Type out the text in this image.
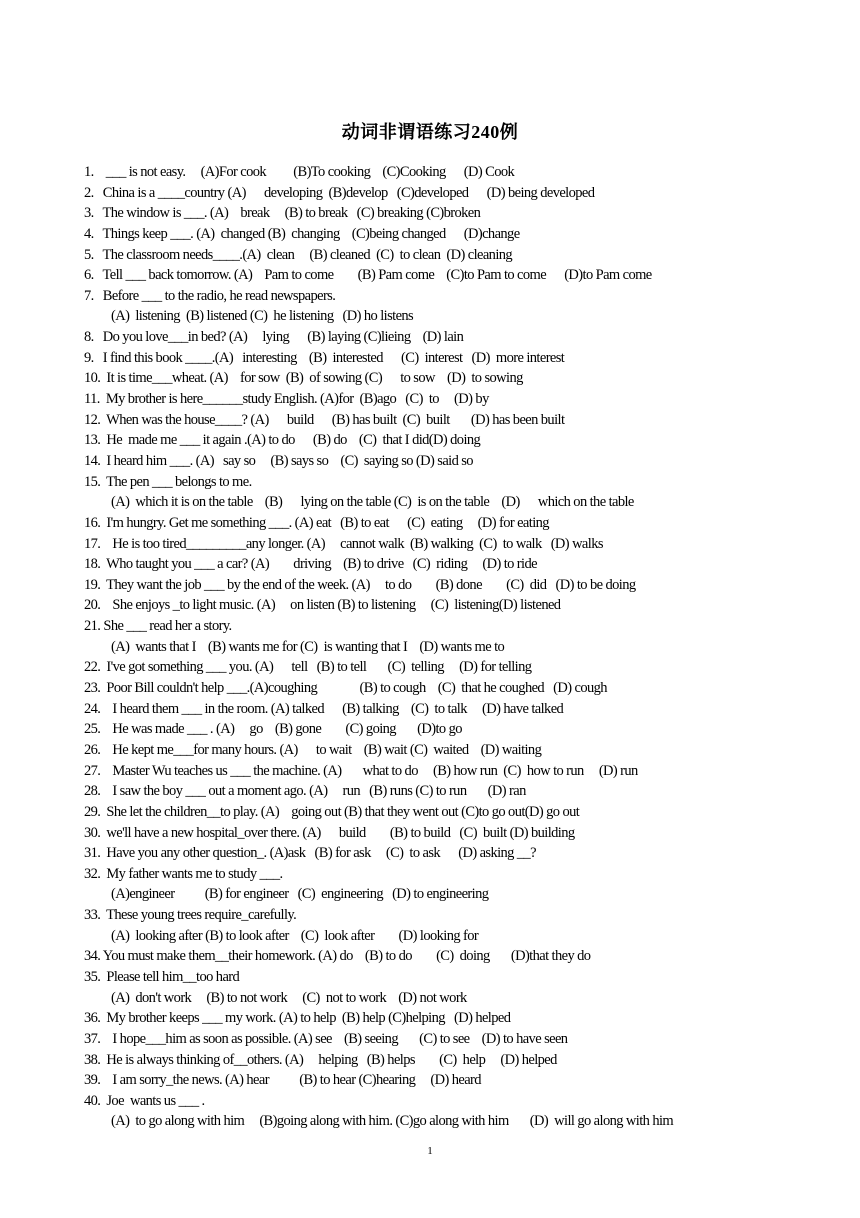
动词非谓语练习240例
1.    ___ is not easy.     (A)For cook         (B)To cooking    (C)Cooking      (D) Cook
2.   China is a ____country (A)      developing  (B)develop   (C)developed      (D) being developed
3.   The window is ___. (A)    break     (B) to break   (C) breaking (C)broken
4.   Things keep ___. (A)  changed (B)  changing    (C)being changed      (D)change
5.   The classroom needs____.(A)  clean     (B) cleaned  (C)  to clean  (D) cleaning
6.   Tell ___ back tomorrow. (A)    Pam to come        (B) Pam come    (C)to Pam to come      (D)to Pam come
7.   Before ___ to the radio, he read newspapers.
(A)  listening  (B) listened (C)  he listening   (D) ho listens
8.   Do you love___in bed? (A)     lying      (B) laying (C)lieing    (D) lain
9.   I find this book ____.(A)   interesting    (B)  interested      (C)  interest   (D)  more interest
10.  It is time___wheat. (A)    for sow  (B)  of sowing (C)      to sow    (D)  to sowing
11.  My brother is here______study English. (A)for  (B)ago   (C)  to     (D) by
12.  When was the house____? (A)      build      (B) has built  (C)  built       (D) has been built
13.  He  made me ___ it again .(A) to do      (B) do    (C)  that I did(D) doing
14.  I heard him ___. (A)   say so     (B) says so    (C)  saying so (D) said so
15.  The pen ___ belongs to me.
(A)  which it is on the table    (B)      lying on the table (C)  is on the table    (D)      which on the table
16.  I'm hungry. Get me something ___. (A) eat   (B) to eat      (C)  eating     (D) for eating
17.    He is too tired_________any longer. (A)     cannot walk  (B) walking  (C)  to walk   (D) walks
18.  Who taught you ___ a car? (A)        driving    (B) to drive   (C)  riding     (D) to ride
19.  They want the job ___ by the end of the week. (A)     to do        (B) done        (C)  did   (D) to be doing
20.    She enjoys _to light music. (A)     on listen (B) to listening     (C)  listening(D) listened
21. She ___ read her a story.
(A)  wants that I    (B) wants me for (C)  is wanting that I    (D) wants me to
22.  I've got something ___ you. (A)      tell   (B) to tell       (C)  telling     (D) for telling
23.  Poor Bill couldn't help ___.(A)coughing              (B) to cough    (C)  that he coughed   (D) cough
24.    I heard them ___ in the room. (A) talked      (B) talking    (C)  to talk     (D) have talked
25.    He was made ___ . (A)     go    (B) gone        (C) going       (D)to go
26.    He kept me___for many hours. (A)      to wait    (B) wait (C)  waited    (D) waiting
27.    Master Wu teaches us ___ the machine. (A)       what to do     (B) how run  (C)  how to run     (D) run
28.    I saw the boy ___ out a moment ago. (A)     run   (B) runs (C) to run       (D) ran
29.  She let the children__to play. (A)    going out (B) that they went out (C)to go out(D) go out
30.  we'll have a new hospital_over there. (A)      build        (B) to build   (C)  built (D) building
31.  Have you any other question_. (A)ask   (B) for ask     (C)  to ask      (D) asking __?
32.  My father wants me to study ___.
(A)engineer          (B) for engineer   (C)  engineering   (D) to engineering
33.  These young trees require_carefully.
(A)  looking after (B) to look after    (C)  look after        (D) looking for
34. You must make them__their homework. (A) do    (B) to do        (C)  doing       (D)that they do
35.  Please tell him__too hard
(A)  don't work     (B) to not work     (C)  not to work    (D) not work
36.  My brother keeps ___ my work. (A) to help  (B) help (C)helping   (D) helped
37.    I hope___him as soon as possible. (A) see    (B) seeing       (C) to see    (D) to have seen
38.  He is always thinking of__others. (A)     helping   (B) helps        (C)  help     (D) helped
39.    I am sorry_the news. (A) hear          (B) to hear (C)hearing     (D) heard
40.  Joe  wants us ___ .
(A)  to go along with him     (B)going along with him. (C)go along with him       (D)  will go along with him
1
